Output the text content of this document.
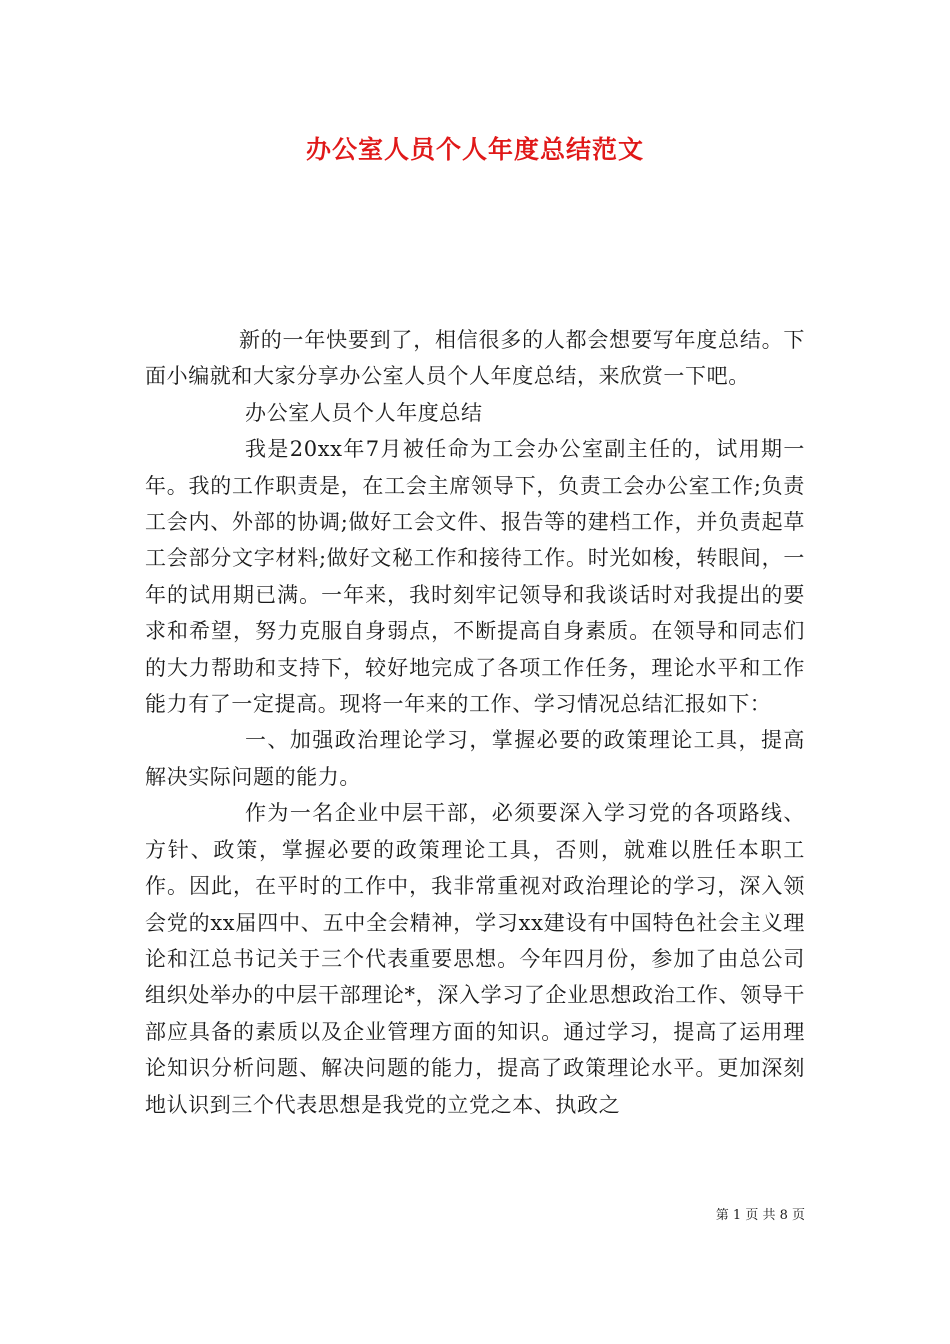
办公室人员个人年度总结范文

新的一年快要到了，相信很多的人都会想要写年度总结。下面小编就和大家分享办公室人员个人年度总结，来欣赏一下吧。

办公室人员个人年度总结

我是20xx年7月被任命为工会办公室副主任的，试用期一年。我的工作职责是，在工会主席领导下，负责工会办公室工作;负责工会内、外部的协调;做好工会文件、报告等的建档工作，并负责起草工会部分文字材料;做好文秘工作和接待工作。时光如梭，转眼间，一年的试用期已满。一年来，我时刻牢记领导和我谈话时对我提出的要求和希望，努力克服自身弱点，不断提高自身素质。在领导和同志们的大力帮助和支持下，较好地完成了各项工作任务，理论水平和工作能力有了一定提高。现将一年来的工作、学习情况总结汇报如下：

一、加强政治理论学习，掌握必要的政策理论工具，提高解决实际问题的能力。

作为一名企业中层干部，必须要深入学习党的各项路线、方针、政策，掌握必要的政策理论工具，否则，就难以胜任本职工作。因此，在平时的工作中，我非常重视对政治理论的学习，深入领会党的xx届四中、五中全会精神，学习xx建设有中国特色社会主义理论和江总书记关于三个代表重要思想。今年四月份，参加了由总公司组织处举办的中层干部理论*，深入学习了企业思想政治工作、领导干部应具备的素质以及企业管理方面的知识。通过学习，提高了运用理论知识分析问题、解决问题的能力，提高了政策理论水平。更加深刻地认识到三个代表思想是我党的立党之本、执政之

第 1 页 共 8 页
